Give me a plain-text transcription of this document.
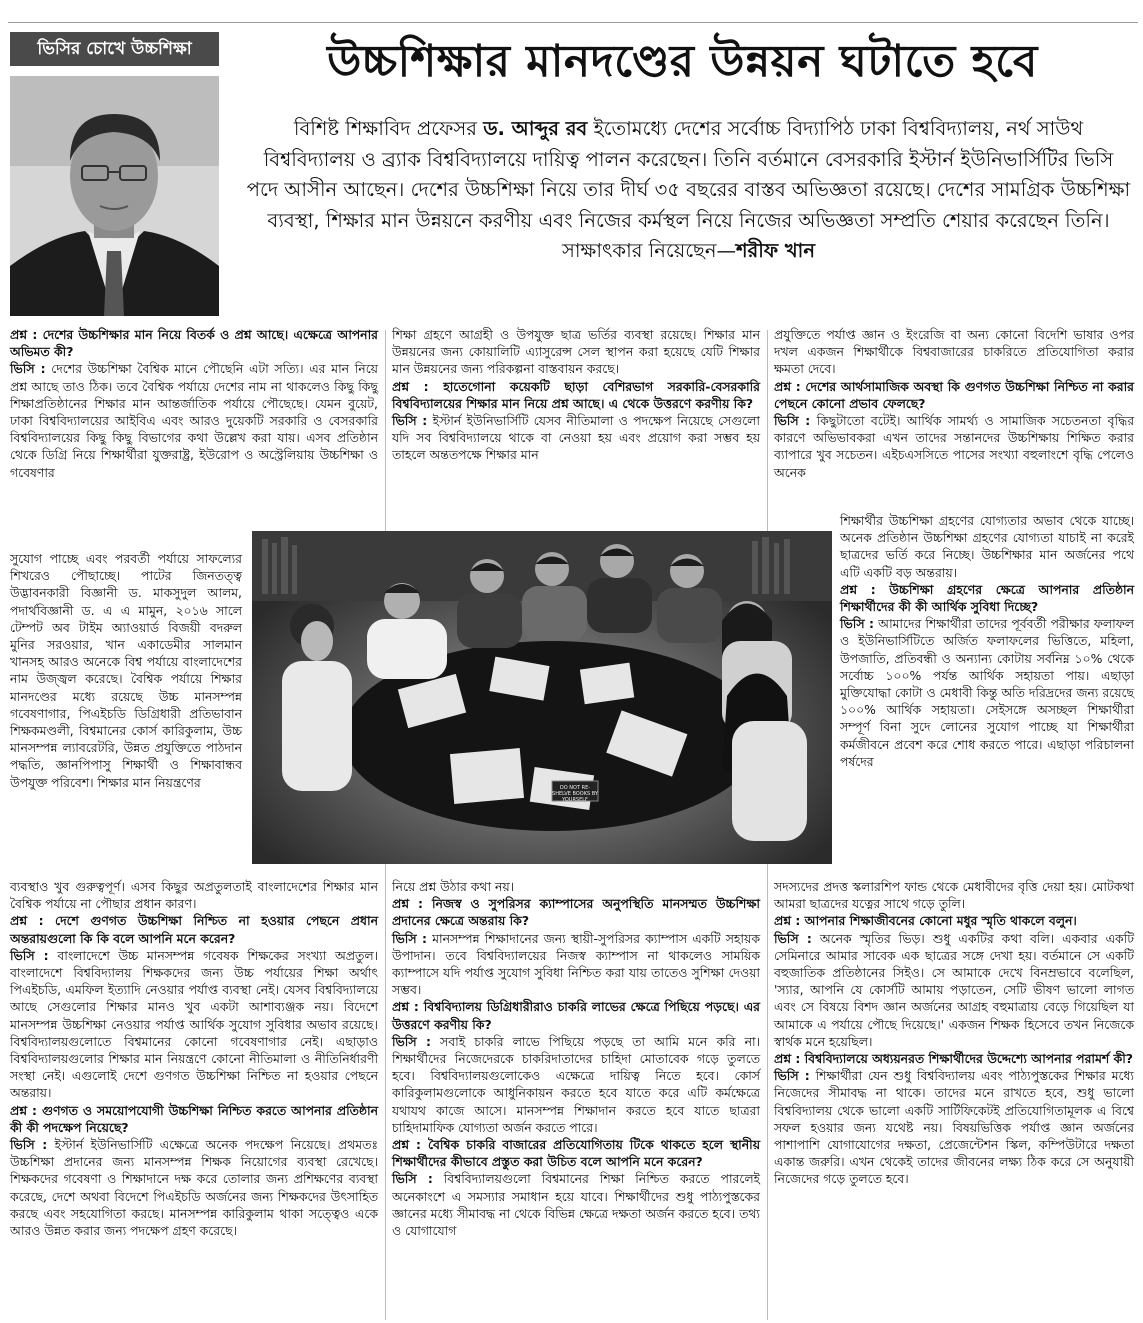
ভিসির চোখে উচ্চশিক্ষা	উচ্চশিক্ষার মানদণ্ডের উন্নয়ন ঘটাতে হবে
বিশিষ্ট শিক্ষাবিদ প্রফেসর ড. আব্দুর রব ইতোমধ্যে দেশের সর্বোচ্চ বিদ্যাপিঠ ঢাকা বিশ্ববিদ্যালয়, নর্থ সাউথ বিশ্ববিদ্যালয় ও ব্র্যাক বিশ্ববিদ্যালয়ে দায়িত্ব পালন করেছেন। তিনি বর্তমানে বেসরকারি ইস্টার্ন ইউনিভার্সিটির ভিসি পদে আসীন আছেন। দেশের উচ্চশিক্ষা নিয়ে তার দীর্ঘ ৩৫ বছরের বাস্তব অভিজ্ঞতা রয়েছে। দেশের সামগ্রিক উচ্চশিক্ষা ব্যবস্থা, শিক্ষার মান উন্নয়নে করণীয় এবং নিজের কর্মস্থল নিয়ে নিজের অভিজ্ঞতা সম্প্রতি শেয়ার করেছেন তিনি। সাক্ষাৎকার নিয়েছেন—শরীফ খান

প্রশ্ন : দেশের উচ্চশিক্ষার মান নিয়ে বিতর্ক ও প্রশ্ন আছে। এক্ষেত্রে আপনার অভিমত কী?

ভিসি : দেশের উচ্চশিক্ষা বৈশ্বিক মানে পৌছেনি এটা সত্যি। এর মান নিয়ে প্রশ্ন আছে তাও ঠিক। তবে বৈশ্বিক পর্যায়ে দেশের নাম না থাকলেও কিছু কিছু শিক্ষাপ্রতিষ্ঠানের শিক্ষার মান আন্তর্জাতিক পর্যায়ে পৌছেছে। যেমন বুয়েট, ঢাকা বিশ্ববিদ্যালয়ের আইবিএ এবং আরও দুয়েকটি সরকারি ও বেসরকারি বিশ্ববিদ্যালয়ের কিছু কিছু বিভাগের কথা উল্লেখ করা যায়। এসব প্রতিষ্ঠান থেকে ডিগ্রি নিয়ে শিক্ষার্থীরা যুক্তরাষ্ট্র, ইউরোপ ও অস্ট্রেলিয়ায় উচ্চশিক্ষা ও গবেষণার

সুযোগ পাচ্ছে এবং পরবর্তী পর্যায়ে সাফল্যের শিখরেও পৌছাচ্ছে। পাটের জিনতত্ত্ব উদ্ভাবনকারী বিজ্ঞানী ড. মাকসুদুল আলম, পদার্থবিজ্ঞানী ড. এ এ মামুন, ২০১৬ সালে টেম্পট অব টাইম অ্যাওয়ার্ড বিজয়ী বদরুল মুনির সরওয়ার, খান একাডেমীর সালমান খানসহ আরও অনেকে বিশ্ব পর্যায়ে বাংলাদেশের নাম উজ্জ্বল করেছে। বৈশ্বিক পর্যায়ে শিক্ষার মানদণ্ডের মধ্যে রয়েছে উচ্চ মানসম্পন্ন গবেষণাগার, পিএইচডি ডিগ্রিধারী প্রতিভাবান শিক্ষকমণ্ডলী, বিশ্বমানের কোর্স কারিকুলাম, উচ্চ মানসম্পন্ন ল্যাবরেটরি, উন্নত প্রযুক্তিতে পাঠদান পদ্ধতি, জ্ঞানপিপাসু শিক্ষার্থী ও শিক্ষাবান্ধব উপযুক্ত পরিবেশ। শিক্ষার মান নিয়ন্ত্রণের

ব্যবস্থাও খুব গুরুত্বপূর্ণ। এসব কিছুর অপ্রতুলতাই বাংলাদেশের শিক্ষার মান বৈশ্বিক পর্যায়ে না পৌছার প্রধান কারণ।

প্রশ্ন : দেশে গুণগত উচ্চশিক্ষা নিশ্চিত না হওয়ার পেছনে প্রধান অন্তরায়গুলো কি কি বলে আপনি মনে করেন?

ভিসি : বাংলাদেশে উচ্চ মানসম্পন্ন গবেষক শিক্ষকের সংখ্যা অপ্রতুল। বাংলাদেশে বিশ্ববিদ্যালয় শিক্ষকদের জন্য উচ্চ পর্যায়ের শিক্ষা অর্থাৎ পিএইচডি, এমফিল ইত্যাদি নেওয়ার পর্যাপ্ত ব্যবস্থা নেই। যেসব বিশ্ববিদ্যালয়ে আছে সেগুলোর শিক্ষার মানও খুব একটা আশাব্যঞ্জক নয়। বিদেশে মানসম্পন্ন উচ্চশিক্ষা নেওয়ার পর্যাপ্ত আর্থিক সুযোগ সুবিধার অভাব রয়েছে। বিশ্ববিদ্যালয়গুলোতে বিশ্বমানের কোনো গবেষণাগার নেই। এছাড়াও বিশ্ববিদ্যালয়গুলোর শিক্ষার মান নিয়ন্ত্রণে কোনো নীতিমালা ও নীতিনির্ধারণী সংস্থা নেই। এগুলোই দেশে গুণগত উচ্চশিক্ষা নিশ্চিত না হওয়ার পেছনে অন্তরায়।

প্রশ্ন : গুণগত ও সময়োপযোগী উচ্চশিক্ষা নিশ্চিত করতে আপনার প্রতিষ্ঠান কী কী পদক্ষেপ নিয়েছে?

ভিসি : ইস্টার্ন ইউনিভার্সিটি এক্ষেত্রে অনেক পদক্ষেপ নিয়েছে। প্রথমতঃ উচ্চশিক্ষা প্রদানের জন্য মানসম্পন্ন শিক্ষক নিয়োগের ব্যবস্থা রেখেছে। শিক্ষকদের গবেষণা ও শিক্ষাদানে দক্ষ করে তোলার জন্য প্রশিক্ষণের ব্যবস্থা করেছে, দেশে অথবা বিদেশে পিএইচডি অর্জনের জন্য শিক্ষকদের উৎসাহিত করছে এবং সহযোগিতা করছে। মানসম্পন্ন কারিকুলাম থাকা সত্ত্বেও একে আরও উন্নত করার জন্য পদক্ষেপ গ্রহণ করেছে।

শিক্ষা গ্রহণে আগ্রহী ও উপযুক্ত ছাত্র ভর্তির ব্যবস্থা রয়েছে। শিক্ষার মান উন্নয়নের জন্য কোয়ালিটি এ্যাসুরেন্স সেল স্থাপন করা হয়েছে যেটি শিক্ষার মান উন্নয়নের জন্য পরিকল্পনা বাস্তবায়ন করছে।

প্রশ্ন : হাতেগোনা কয়েকটি ছাড়া বেশিরভাগ সরকারি-বেসরকারি বিশ্ববিদ্যালয়ের শিক্ষার মান নিয়ে প্রশ্ন আছে। এ থেকে উত্তরণে করণীয় কি?

ভিসি : ইস্টার্ন ইউনিভার্সিটি যেসব নীতিমালা ও পদক্ষেপ নিয়েছে সেগুলো যদি সব বিশ্ববিদ্যালয়ে থাকে বা নেওয়া হয় এবং প্রয়োগ করা সম্ভব হয় তাহলে অন্ততপক্ষে শিক্ষার মান

নিয়ে প্রশ্ন উঠার কথা নয়।

প্রশ্ন : নিজস্ব ও সুপরিসর ক্যাম্পাসের অনুপস্থিতি মানসম্মত উচ্চশিক্ষা প্রদানের ক্ষেত্রে অন্তরায় কি?

ভিসি : মানসম্পন্ন শিক্ষাদানের জন্য স্থায়ী-সুপরিসর ক্যাম্পাস একটি সহায়ক উপাদান। তবে বিশ্ববিদ্যালয়ের নিজস্ব ক্যাম্পাস না থাকলেও সাময়িক ক্যাম্পাসে যদি পর্যাপ্ত সুযোগ সুবিধা নিশ্চিত করা যায় তাতেও সুশিক্ষা দেওয়া সম্ভব।

প্রশ্ন : বিশ্ববিদ্যালয় ডিগ্রিধারীরাও চাকরি লাভের ক্ষেত্রে পিছিয়ে পড়ছে। এর উত্তরণে করণীয় কি?

ভিসি : সবাই চাকরি লাভে পিছিয়ে পড়ছে তা আমি মনে করি না। শিক্ষার্থীদের নিজেদেরকে চাকরিদাতাদের চাহিদা মোতাবেক গড়ে তুলতে হবে। বিশ্ববিদ্যালয়গুলোকেও এক্ষেত্রে দায়িত্ব নিতে হবে। কোর্স কারিকুলামগুলোকে আধুনিকায়ন করতে হবে যাতে করে এটি কর্মক্ষেত্রে যথাযথ কাজে আসে। মানসম্পন্ন শিক্ষাদান করতে হবে যাতে ছাত্ররা চাহিদামাফিক যোগ্যতা অর্জন করতে পারে।

প্রশ্ন : বৈশ্বিক চাকরি বাজারের প্রতিযোগিতায় টিকে থাকতে হলে স্থানীয় শিক্ষার্থীদের কীভাবে প্রস্তুত করা উচিত বলে আপনি মনে করেন?

ভিসি : বিশ্ববিদ্যালয়গুলো বিশ্বমানের শিক্ষা নিশ্চিত করতে পারলেই অনেকাংশে এ সমস্যার সমাধান হয়ে যাবে। শিক্ষার্থীদের শুধু পাঠ্যপুস্তকের জ্ঞানের মধ্যে সীমাবদ্ধ না থেকে বিভিন্ন ক্ষেত্রে দক্ষতা অর্জন করতে হবে। তথ্য ও যোগাযোগ

প্রযুক্তিতে পর্যাপ্ত জ্ঞান ও ইংরেজি বা অন্য কোনো বিদেশি ভাষার ওপর দখল একজন শিক্ষার্থীকে বিশ্ববাজারের চাকরিতে প্রতিযোগিতা করার ক্ষমতা দেবে।

প্রশ্ন : দেশের আর্থসামাজিক অবস্থা কি গুণগত উচ্চশিক্ষা নিশ্চিত না করার পেছনে কোনো প্রভাব ফেলছে?

ভিসি : কিছুটাতো বটেই। আর্থিক সামর্থ্য ও সামাজিক সচেতনতা বৃদ্ধির কারণে অভিভাবকরা এখন তাদের সন্তানদের উচ্চশিক্ষায় শিক্ষিত করার ব্যাপারে খুব সচেতন। এইচএসসিতে পাসের সংখ্যা বহুলাংশে বৃদ্ধি পেলেও অনেক

শিক্ষার্থীর উচ্চশিক্ষা গ্রহণের যোগ্যতার অভাব থেকে যাচ্ছে। অনেক প্রতিষ্ঠান উচ্চশিক্ষা গ্রহণের যোগ্যতা যাচাই না করেই ছাত্রদের ভর্তি করে নিচ্ছে। উচ্চশিক্ষার মান অর্জনের পথে এটি একটি বড় অন্তরায়।

প্রশ্ন : উচ্চশিক্ষা গ্রহণের ক্ষেত্রে আপনার প্রতিষ্ঠান শিক্ষার্থীদের কী কী আর্থিক সুবিধা দিচ্ছে?

ভিসি : আমাদের শিক্ষার্থীরা তাদের পূর্ববর্তী পরীক্ষার ফলাফল ও ইউনিভার্সিটিতে অর্জিত ফলাফলের ভিত্তিতে, মহিলা, উপজাতি, প্রতিবন্ধী ও অন্যান্য কোটায় সর্বনিম্ন ১০% থেকে সর্বোচ্চ ১০০% পর্যন্ত আর্থিক সহায়তা পায়। এছাড়া মুক্তিযোদ্ধা কোটা ও মেধাবী কিন্তু অতি দরিদ্রদের জন্য রয়েছে ১০০% আর্থিক সহায়তা। সেইসঙ্গে অসচ্ছল শিক্ষার্থীরা সম্পূর্ণ বিনা সুদে লোনের সুযোগ পাচ্ছে যা শিক্ষার্থীরা কর্মজীবনে প্রবেশ করে শোধ করতে পারে। এছাড়া পরিচালনা পর্ষদের

সদস্যদের প্রদত্ত স্কলারশিপ ফান্ড থেকে মেধাবীদের বৃত্তি দেয়া হয়। মোটকথা আমরা ছাত্রদের যত্নের সাথে গড়ে তুলি।

প্রশ্ন : আপনার শিক্ষাজীবনের কোনো মধুর স্মৃতি থাকলে বলুন।

ভিসি : অনেক স্মৃতির ভিড়। শুধু একটির কথা বলি। একবার একটি সেমিনারে আমার সাবেক এক ছাত্রের সঙ্গে দেখা হয়। বর্তমানে সে একটি বহুজাতিক প্রতিষ্ঠানের সিইও। সে আমাকে দেখে বিনম্রভাবে বলেছিল, 'স্যার, আপনি যে কোর্সটি আমায় পড়াতেন, সেটি ভীষণ ভালো লাগত এবং সে বিষয়ে বিশদ জ্ঞান অর্জনের আগ্রহ বহুমাত্রায় বেড়ে গিয়েছিল যা আমাকে এ পর্যায়ে পৌছে দিয়েছে।' একজন শিক্ষক হিসেবে তখন নিজেকে স্বার্থক মনে হয়েছিল।

প্রশ্ন : বিশ্ববিদ্যালয়ে অধ্যয়নরত শিক্ষার্থীদের উদ্দেশ্যে আপনার পরামর্শ কী?

ভিসি : শিক্ষার্থীরা যেন শুধু বিশ্ববিদ্যালয় এবং পাঠ্যপুস্তকের শিক্ষার মধ্যে নিজেদের সীমাবদ্ধ না থাকে। তাদের মনে রাখতে হবে, শুধু ভালো বিশ্ববিদ্যালয় থেকে ভালো একটি সার্টিফিকেটই প্রতিযোগিতামূলক এ বিশ্বে সফল হওয়ার জন্য যথেষ্ট নয়। বিষয়ভিত্তিক পর্যাপ্ত জ্ঞান অর্জনের পাশাপাশি যোগাযোগের দক্ষতা, প্রেজেন্টেশন স্কিল, কম্পিউটারে দক্ষতা একান্ত জরুরি। এখন থেকেই তাদের জীবনের লক্ষ্য ঠিক করে সে অনুযায়ী নিজেদের গড়ে তুলতে হবে।

DO NOT RE-SHELVE BOOKS BY YOURSELF
